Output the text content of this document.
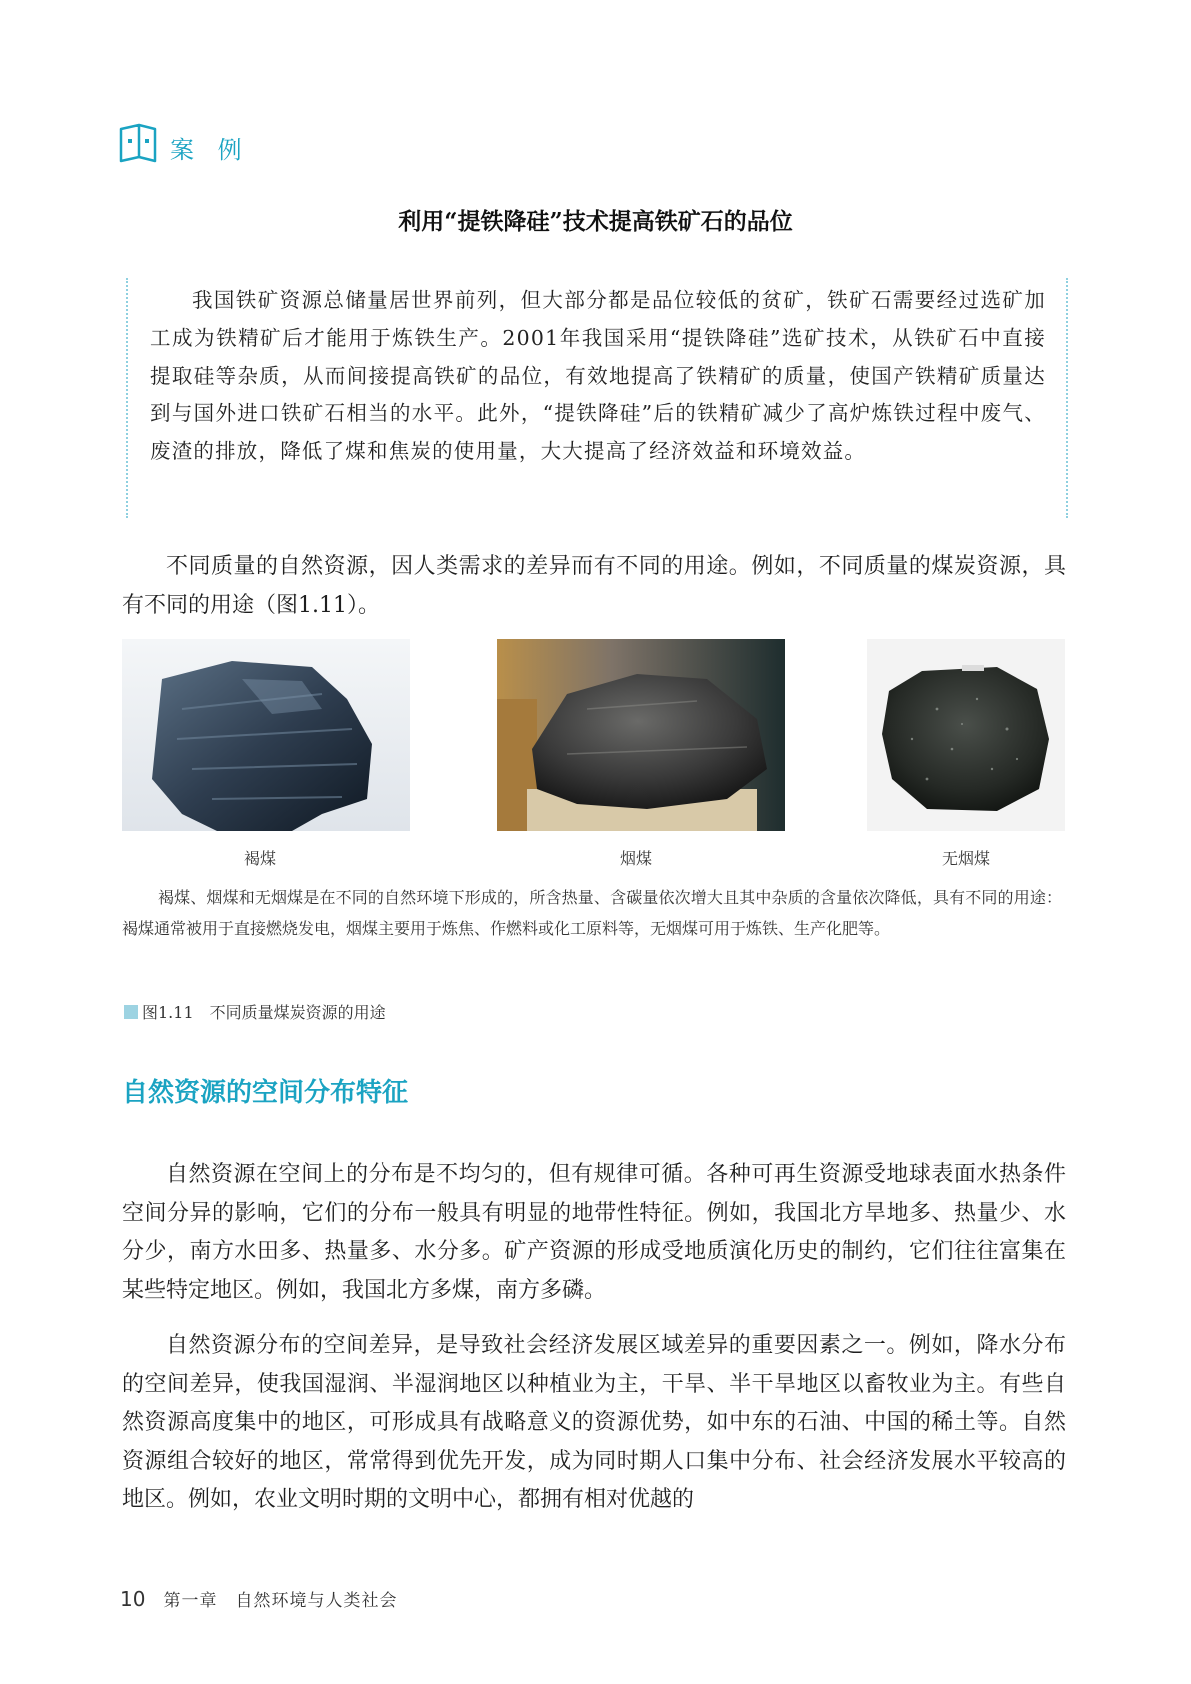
案 例
利用“提铁降硅”技术提高铁矿石的品位
我国铁矿资源总储量居世界前列，但大部分都是品位较低的贫矿，铁矿石需要经过选矿加工成为铁精矿后才能用于炼铁生产。2001年我国采用“提铁降硅”选矿技术，从铁矿石中直接提取硅等杂质，从而间接提高铁矿的品位，有效地提高了铁精矿的质量，使国产铁精矿质量达到与国外进口铁矿石相当的水平。此外，“提铁降硅”后的铁精矿减少了高炉炼铁过程中废气、废渣的排放，降低了煤和焦炭的使用量，大大提高了经济效益和环境效益。
不同质量的自然资源，因人类需求的差异而有不同的用途。例如，不同质量的煤炭资源，具有不同的用途（图1.11）。
褐煤	烟煤	无烟煤
褐煤、烟煤和无烟煤是在不同的自然环境下形成的，所含热量、含碳量依次增大且其中杂质的含量依次降低，具有不同的用途：褐煤通常被用于直接燃烧发电，烟煤主要用于炼焦、作燃料或化工原料等，无烟煤可用于炼铁、生产化肥等。
图1.11 不同质量煤炭资源的用途
自然资源的空间分布特征
自然资源在空间上的分布是不均匀的，但有规律可循。各种可再生资源受地球表面水热条件空间分异的影响，它们的分布一般具有明显的地带性特征。例如，我国北方旱地多、热量少、水分少，南方水田多、热量多、水分多。矿产资源的形成受地质演化历史的制约，它们往往富集在某些特定地区。例如，我国北方多煤，南方多磷。
自然资源分布的空间差异，是导致社会经济发展区域差异的重要因素之一。例如，降水分布的空间差异，使我国湿润、半湿润地区以种植业为主，干旱、半干旱地区以畜牧业为主。有些自然资源高度集中的地区，可形成具有战略意义的资源优势，如中东的石油、中国的稀土等。自然资源组合较好的地区，常常得到优先开发，成为同时期人口集中分布、社会经济发展水平较高的地区。例如，农业文明时期的文明中心，都拥有相对优越的
10 第一章　自然环境与人类社会
